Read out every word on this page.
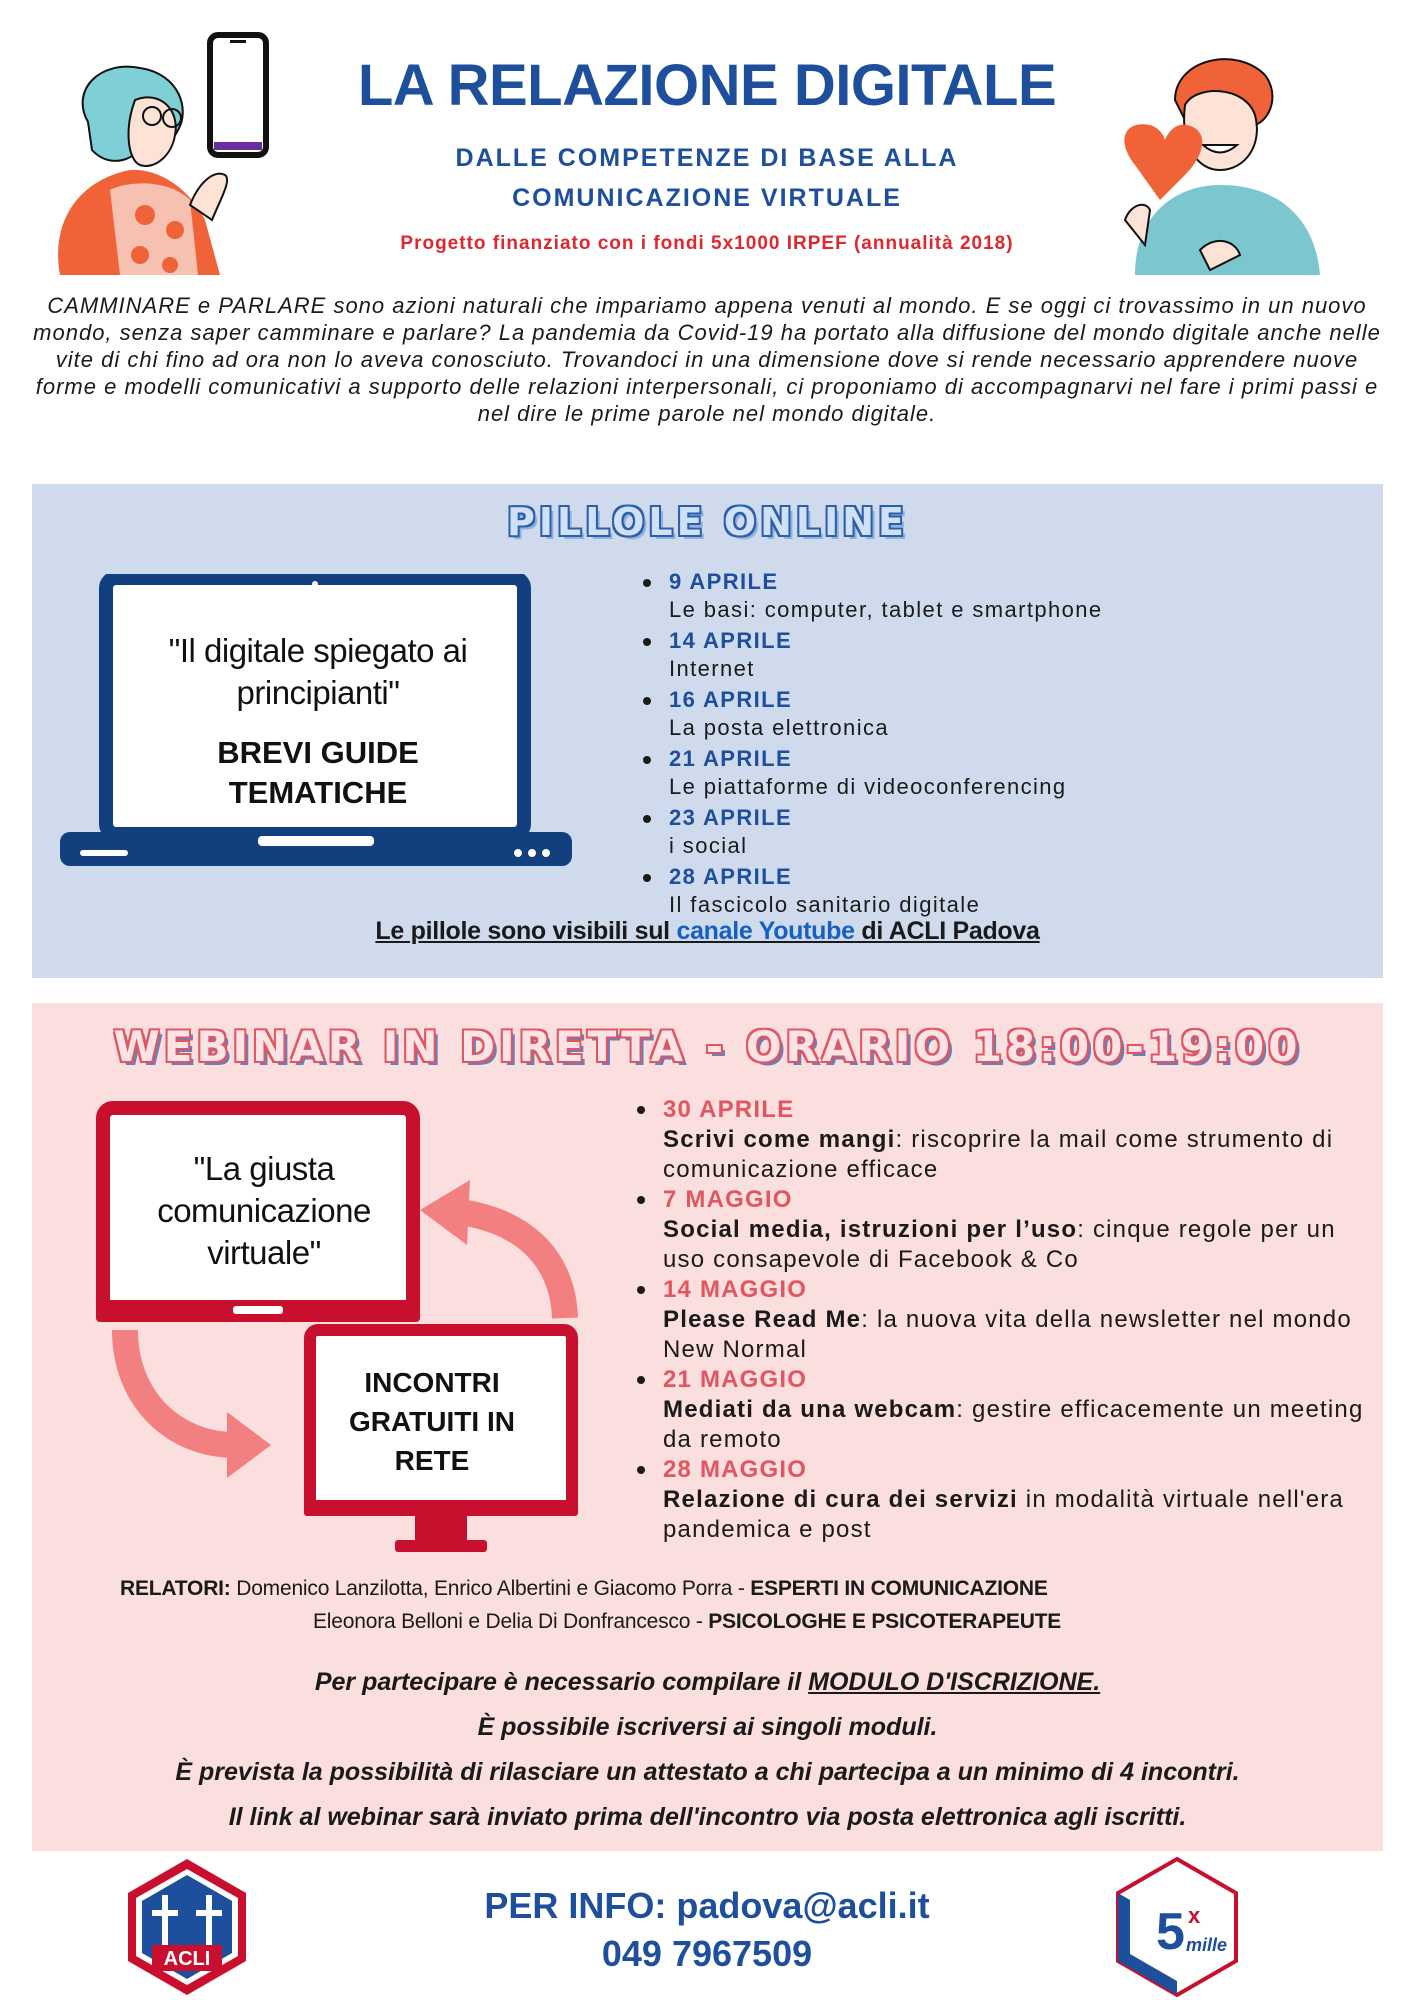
LA RELAZIONE DIGITALE
DALLE COMPETENZE DI BASE ALLA
COMUNICAZIONE VIRTUALE
Progetto finanziato con i fondi 5x1000 IRPEF (annualità 2018)
CAMMINARE e PARLARE sono azioni naturali che impariamo appena venuti al mondo. E se oggi ci trovassimo in un nuovo mondo, senza saper camminare e parlare? La pandemia da Covid-19 ha portato alla diffusione del mondo digitale anche nelle vite di chi fino ad ora non lo aveva conosciuto. Trovandoci in una dimensione dove si rende necessario apprendere nuove forme e modelli comunicativi a supporto delle relazioni interpersonali, ci proponiamo di accompagnarvi nel fare i primi passi e nel dire le prime parole nel mondo digitale.
PILLOLE ONLINE
"Il digitale spiegato ai principianti"
BREVI GUIDE TEMATICHE
9 APRILE
Le basi: computer, tablet e smartphone
14 APRILE
Internet
16 APRILE
La posta elettronica
21 APRILE
Le piattaforme di videoconferencing
23 APRILE
i social
28 APRILE
Il fascicolo sanitario digitale
Le pillole sono visibili sul canale Youtube di ACLI Padova
WEBINAR IN DIRETTA - ORARIO 18:00-19:00
"La giusta comunicazione virtuale"
INCONTRI GRATUITI IN RETE
30 APRILE
Scrivi come mangi: riscoprire la mail come strumento di comunicazione efficace
7 MAGGIO
Social media, istruzioni per l’uso: cinque regole per un uso consapevole di Facebook & Co
14 MAGGIO
Please Read Me: la nuova vita della newsletter nel mondo New Normal
21 MAGGIO
Mediati da una webcam: gestire efficacemente un meeting da remoto
28 MAGGIO
Relazione di cura dei servizi in modalità virtuale nell'era pandemica e post
RELATORI: Domenico Lanzilotta, Enrico Albertini e Giacomo Porra - ESPERTI IN COMUNICAZIONE
Eleonora Belloni e Delia Di Donfrancesco - PSICOLOGHE E PSICOTERAPEUTE
Per partecipare è necessario compilare il MODULO D'ISCRIZIONE.
È possibile iscriversi ai singoli moduli.
È prevista la possibilità di rilasciare un attestato a chi partecipa a un minimo di 4 incontri.
Il link al webinar sarà inviato prima dell'incontro via posta elettronica agli iscritti.
ACLI
PER INFO: padova@acli.it
049 7967509	5 x
mille
